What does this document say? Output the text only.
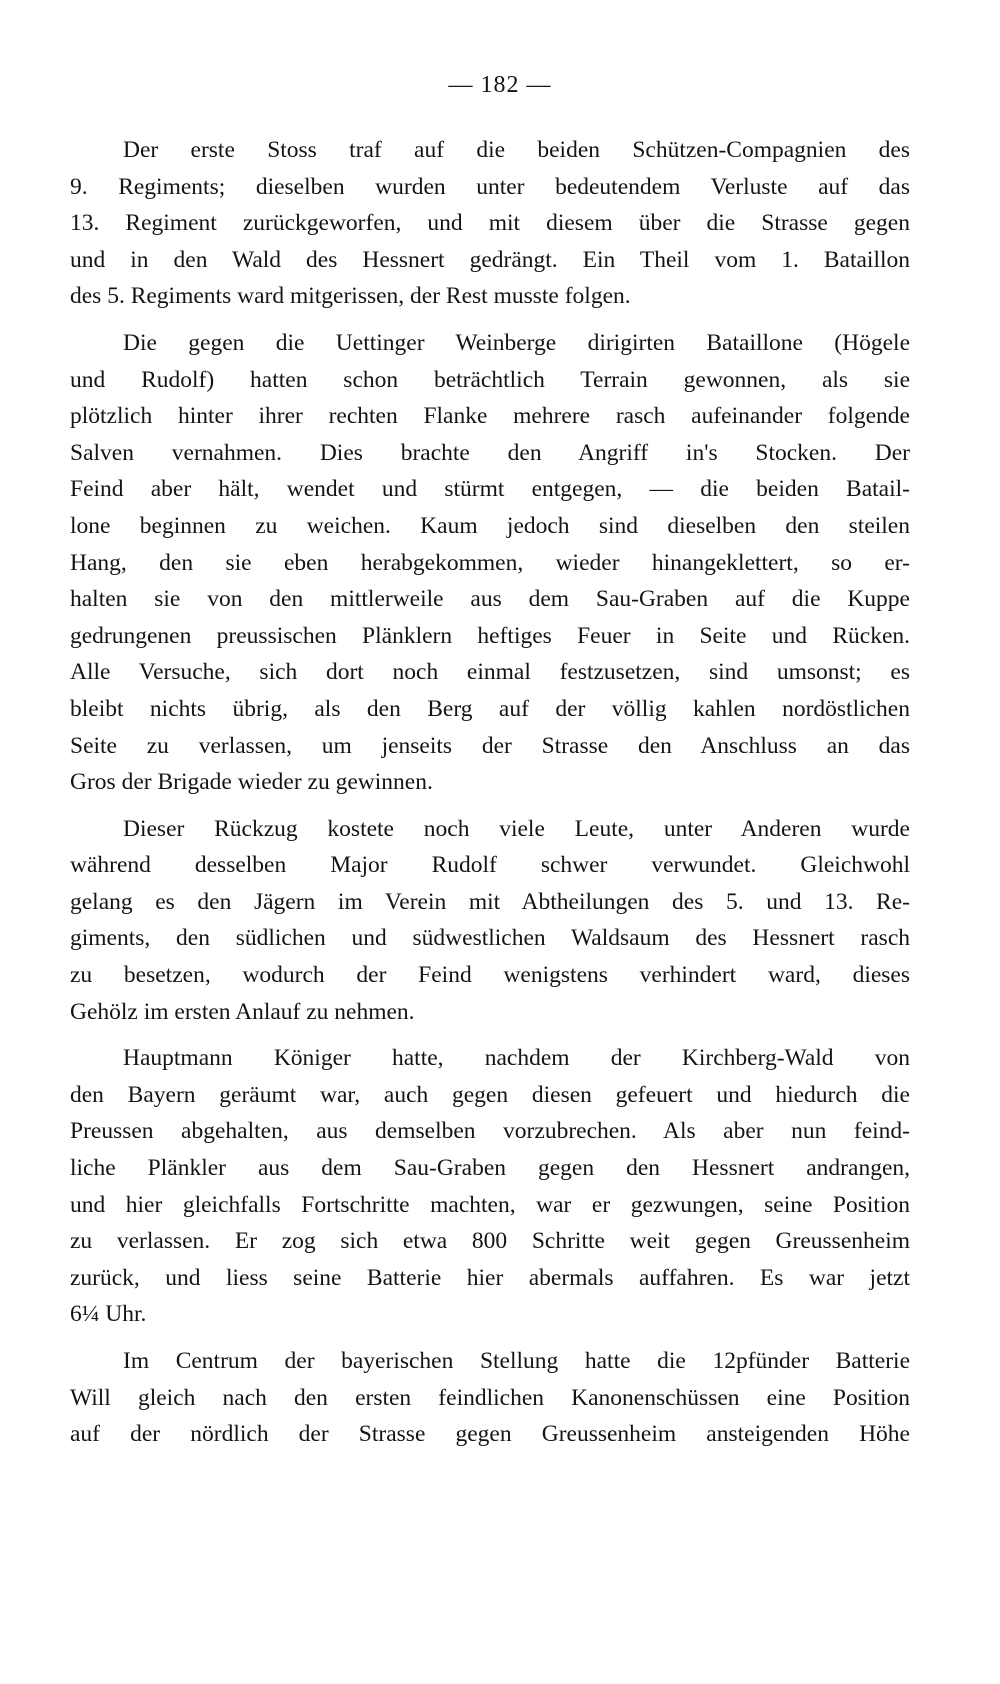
— 182 —

Der erste Stoss traf auf die beiden Schützen-Compagnien des
9. Regiments; dieselben wurden unter bedeutendem Verluste auf das
13. Regiment zurückgeworfen, und mit diesem über die Strasse gegen
und in den Wald des Hessnert gedrängt. Ein Theil vom 1. Bataillon
des 5. Regiments ward mitgerissen, der Rest musste folgen.

Die gegen die Uettinger Weinberge dirigirten Bataillone (Högele
und Rudolf) hatten schon beträchtlich Terrain gewonnen, als sie
plötzlich hinter ihrer rechten Flanke mehrere rasch aufeinander folgende
Salven vernahmen. Dies brachte den Angriff in's Stocken. Der
Feind aber hält, wendet und stürmt entgegen, — die beiden Batail-
lone beginnen zu weichen. Kaum jedoch sind dieselben den steilen
Hang, den sie eben herabgekommen, wieder hinangeklettert, so er-
halten sie von den mittlerweile aus dem Sau-Graben auf die Kuppe
gedrungenen preussischen Plänklern heftiges Feuer in Seite und Rücken.
Alle Versuche, sich dort noch einmal festzusetzen, sind umsonst; es
bleibt nichts übrig, als den Berg auf der völlig kahlen nordöstlichen
Seite zu verlassen, um jenseits der Strasse den Anschluss an das
Gros der Brigade wieder zu gewinnen.

Dieser Rückzug kostete noch viele Leute, unter Anderen wurde
während desselben Major Rudolf schwer verwundet. Gleichwohl
gelang es den Jägern im Verein mit Abtheilungen des 5. und 13. Re-
giments, den südlichen und südwestlichen Waldsaum des Hessnert rasch
zu besetzen, wodurch der Feind wenigstens verhindert ward, dieses
Gehölz im ersten Anlauf zu nehmen.

Hauptmann Königer hatte, nachdem der Kirchberg-Wald von
den Bayern geräumt war, auch gegen diesen gefeuert und hiedurch die
Preussen abgehalten, aus demselben vorzubrechen. Als aber nun feind-
liche Plänkler aus dem Sau-Graben gegen den Hessnert andrangen,
und hier gleichfalls Fortschritte machten, war er gezwungen, seine Position
zu verlassen. Er zog sich etwa 800 Schritte weit gegen Greussenheim
zurück, und liess seine Batterie hier abermals auffahren. Es war jetzt
6¼ Uhr.

Im Centrum der bayerischen Stellung hatte die 12pfünder Batterie
Will gleich nach den ersten feindlichen Kanonenschüssen eine Position
auf der nördlich der Strasse gegen Greussenheim ansteigenden Höhe
